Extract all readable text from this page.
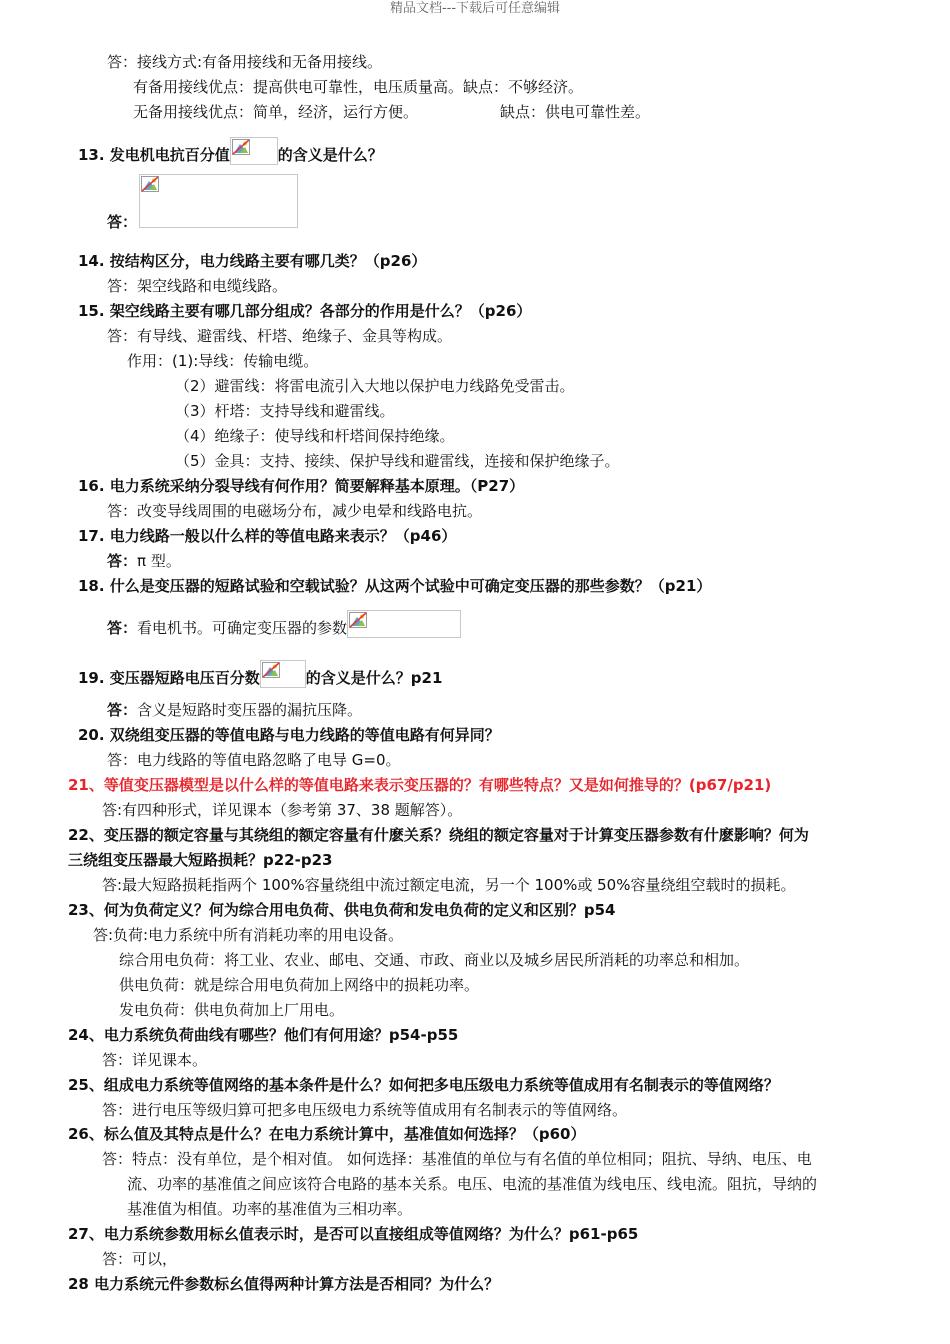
精品文档---下载后可任意编辑
答：接线方式:有备用接线和无备用接线。
有备用接线优点：提高供电可靠性，电压质量高。缺点：不够经济。
无备用接线优点：简单，经济，运行方便。	缺点：供电可靠性差。
13. 发电机电抗百分值	的含义是什么？
答：
14. 按结构区分，电力线路主要有哪几类？（p26）
答：架空线路和电缆线路。
15. 架空线路主要有哪几部分组成？各部分的作用是什么？（p26）
答：有导线、避雷线、杆塔、绝缘子、金具等构成。
作用：(1):导线：传输电缆。
（2）避雷线：将雷电流引入大地以保护电力线路免受雷击。
（3）杆塔：支持导线和避雷线。
（4）绝缘子：使导线和杆塔间保持绝缘。
（5）金具：支持、接续、保护导线和避雷线，连接和保护绝缘子。
16. 电力系统采纳分裂导线有何作用？简要解释基本原理。（P27）
答：改变导线周围的电磁场分布，减少电晕和线路电抗。
17. 电力线路一般以什么样的等值电路来表示？（p46）
答：π 型。
18. 什么是变压器的短路试验和空载试验？从这两个试验中可确定变压器的那些参数？（p21）
答：看电机书。可确定变压器的参数
19. 变压器短路电压百分数	的含义是什么？p21
答：含义是短路时变压器的漏抗压降。
20. 双绕组变压器的等值电路与电力线路的等值电路有何异同？
答：电力线路的等值电路忽略了电导 G=0。
21、等值变压器模型是以什么样的等值电路来表示变压器的？有哪些特点？又是如何推导的？(p67/p21)
答:有四种形式，详见课本（参考第 37、38 题解答）。
22、变压器的额定容量与其绕组的额定容量有什麽关系？绕组的额定容量对于计算变压器参数有什麽影响？何为
三绕组变压器最大短路损耗？p22-p23
答:最大短路损耗指两个 100%容量绕组中流过额定电流，另一个 100%或 50%容量绕组空载时的损耗。
23、何为负荷定义？何为综合用电负荷、供电负荷和发电负荷的定义和区别？p54
答:负荷:电力系统中所有消耗功率的用电设备。
综合用电负荷：将工业、农业、邮电、交通、市政、商业以及城乡居民所消耗的功率总和相加。
供电负荷：就是综合用电负荷加上网络中的损耗功率。
发电负荷：供电负荷加上厂用电。
24、电力系统负荷曲线有哪些？他们有何用途？p54-p55
答：详见课本。
25、组成电力系统等值网络的基本条件是什么？如何把多电压级电力系统等值成用有名制表示的等值网络？
答：进行电压等级归算可把多电压级电力系统等值成用有名制表示的等值网络。
26、标么值及其特点是什么？在电力系统计算中，基准值如何选择？（p60）
答：特点：没有单位，是个相对值。 如何选择：基准值的单位与有名值的单位相同；阻抗、导纳、电压、电
流、功率的基准值之间应该符合电路的基本关系。电压、电流的基准值为线电压、线电流。阻抗，导纳的
基准值为相值。功率的基准值为三相功率。
27、电力系统参数用标幺值表示时，是否可以直接组成等值网络？为什么？p61-p65
答：可以，
28 电力系统元件参数标幺值得两种计算方法是否相同？为什么？
